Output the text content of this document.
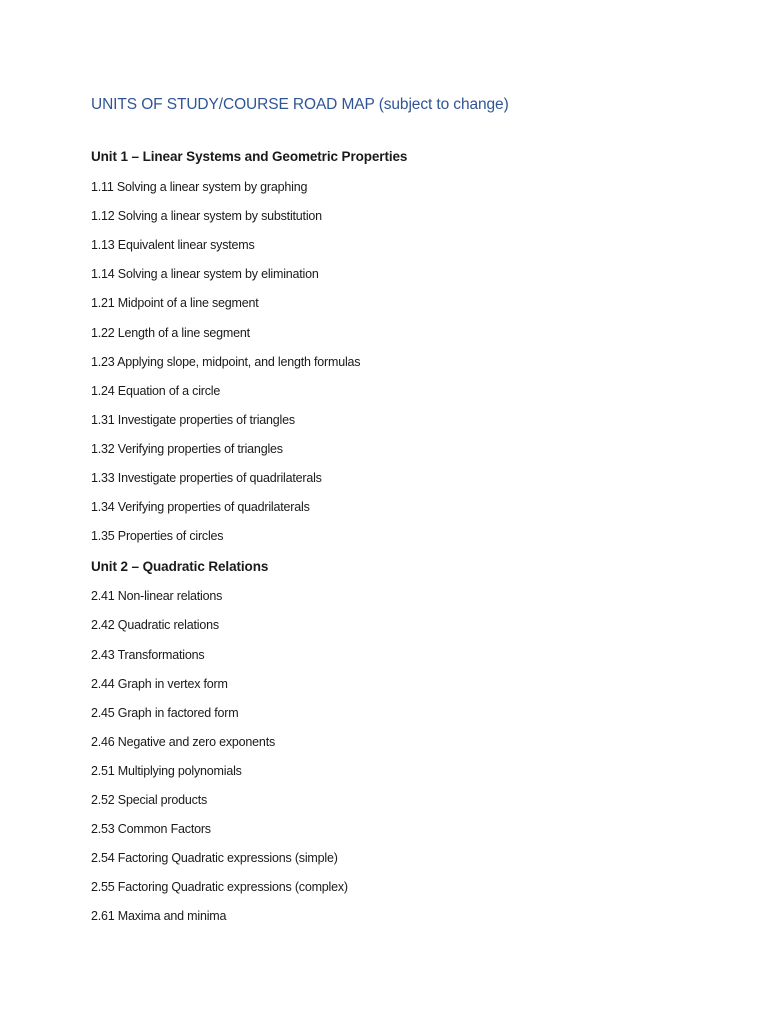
UNITS OF STUDY/COURSE ROAD MAP (subject to change)
Unit 1 – Linear Systems and Geometric Properties
1.11 Solving a linear system by graphing
1.12 Solving a linear system by substitution
1.13 Equivalent linear systems
1.14 Solving a linear system by elimination
1.21 Midpoint of a line segment
1.22 Length of a line segment
1.23 Applying slope, midpoint, and length formulas
1.24 Equation of a circle
1.31 Investigate properties of triangles
1.32 Verifying properties of triangles
1.33 Investigate properties of quadrilaterals
1.34 Verifying properties of quadrilaterals
1.35 Properties of circles
Unit 2 – Quadratic Relations
2.41 Non-linear relations
2.42 Quadratic relations
2.43 Transformations
2.44 Graph in vertex form
2.45 Graph in factored form
2.46 Negative and zero exponents
2.51 Multiplying polynomials
2.52 Special products
2.53 Common Factors
2.54 Factoring Quadratic expressions (simple)
2.55 Factoring Quadratic expressions (complex)
2.61 Maxima and minima
